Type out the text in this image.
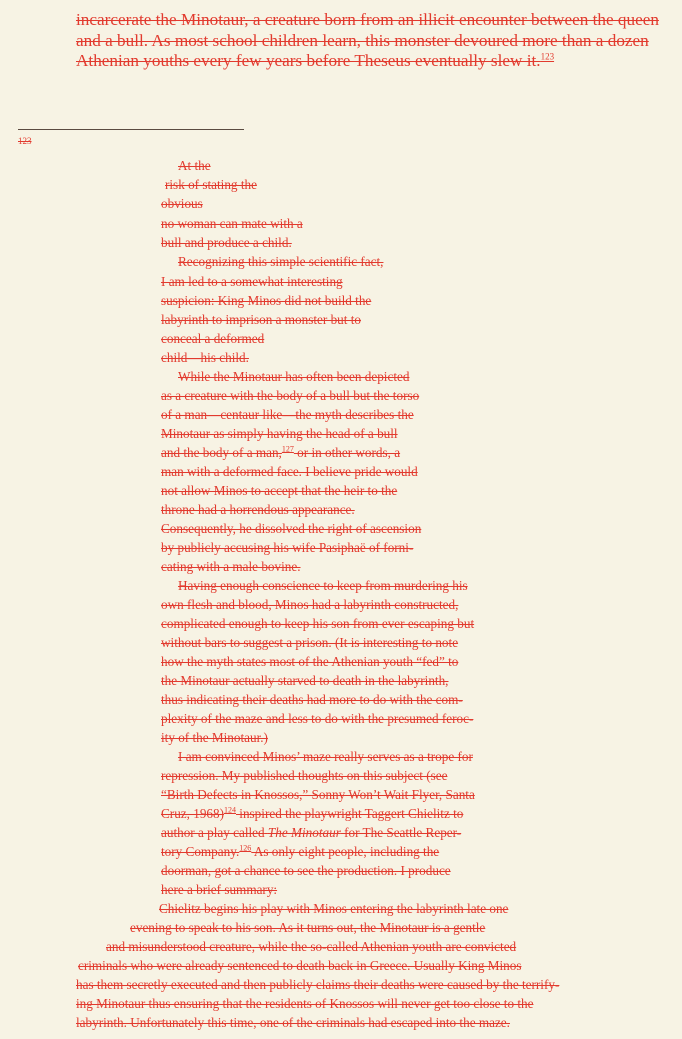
incarcerate the Minotaur, a creature born from an illicit encounter between the queen and a bull. As most school children learn, this monster devoured more than a dozen Athenian youths every few years before Theseus eventually slew it.$^{123}$

123
At the
risk of stating the
obvious
no woman can mate with a
bull and produce a child.
Recognizing this simple scientific fact,
I am led to a somewhat interesting
suspicion: King Minos did not build the
labyrinth to imprison a monster but to
conceal a deformed
child—his child.
While the Minotaur has often been depicted
as a creature with the body of a bull but the torso
of a man—centaur like—the myth describes the
Minotaur as simply having the head of a bull
and the body of a man,$^{127}$ or in other words, a
man with a deformed face. I believe pride would
not allow Minos to accept that the heir to the
throne had a horrendous appearance.
Consequently, he dissolved the right of ascension
by publicly accusing his wife Pasiphaë of forni-
cating with a male bovine.
Having enough conscience to keep from murdering his
own flesh and blood, Minos had a labyrinth constructed,
complicated enough to keep his son from ever escaping but
without bars to suggest a prison. (It is interesting to note
how the myth states most of the Athenian youth “fed” to
the Minotaur actually starved to death in the labyrinth,
thus indicating their deaths had more to do with the com-
plexity of the maze and less to do with the presumed feroc-
ity of the Minotaur.)
I am convinced Minos’ maze really serves as a trope for
repression. My published thoughts on this subject (see
“Birth Defects in Knossos,” Sonny Won’t Wait Flyer, Santa
Cruz, 1968)$^{124}$ inspired the playwright Taggert Chielitz to
author a play called The Minotaur for The Seattle Reper-
tory Company.$^{126}$ As only eight people, including the
doorman, got a chance to see the production. I produce
here a brief summary:
Chielitz begins his play with Minos entering the labyrinth late one
evening to speak to his son. As it turns out, the Minotaur is a gentle
and misunderstood creature, while the so-called Athenian youth are convicted
criminals who were already sentenced to death back in Greece. Usually King Minos
has them secretly executed and then publicly claims their deaths were caused by the terrify-
ing Minotaur thus ensuring that the residents of Knossos will never get too close to the
labyrinth. Unfortunately this time, one of the criminals had escaped into the maze.
